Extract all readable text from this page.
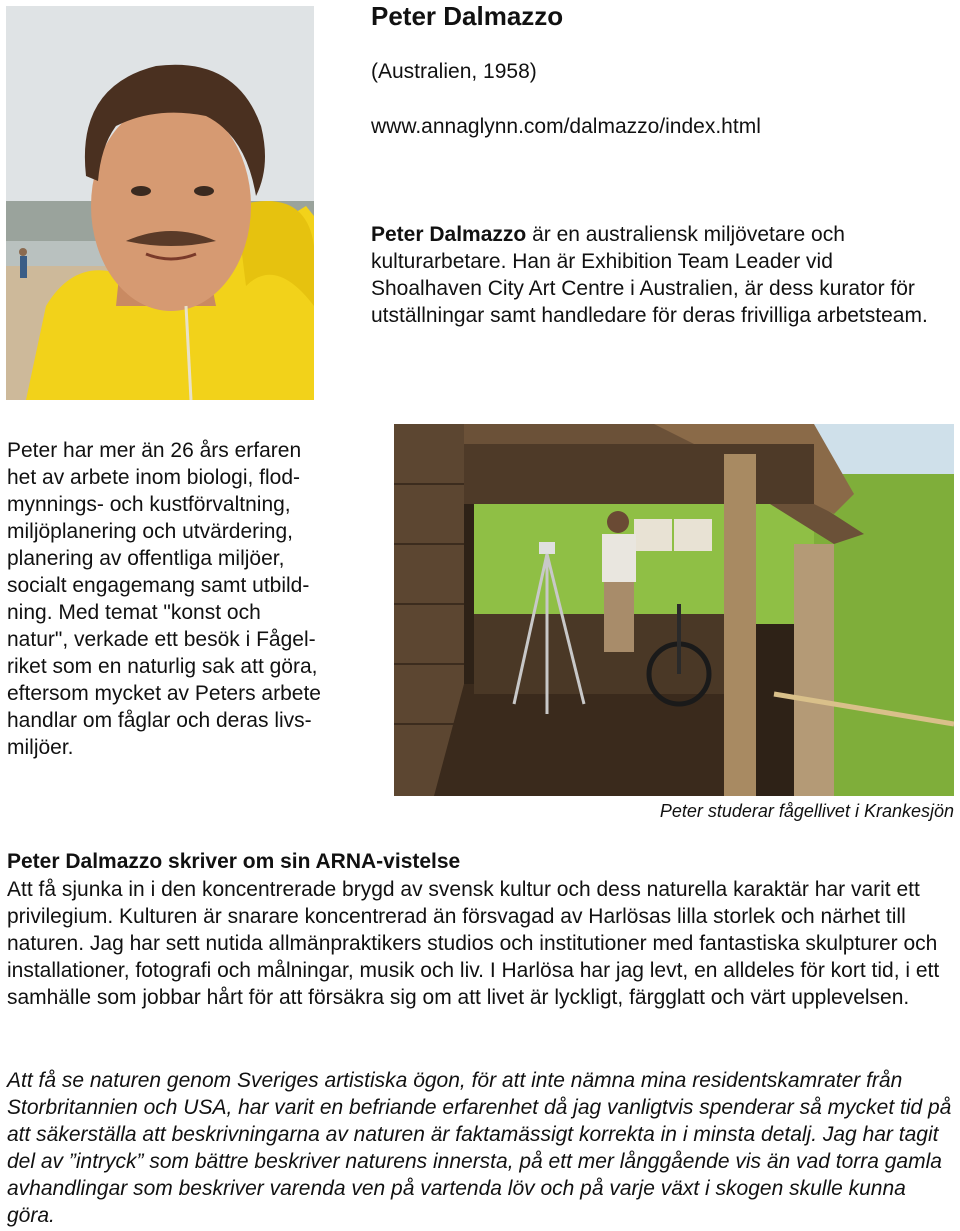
Peter Dalmazzo
(Australien, 1958)
www.annaglynn.com/dalmazzo/index.html
Peter Dalmazzo är en australiensk miljövetare och kulturarbetare. Han är Exhibition Team Leader vid Shoalhaven City Art Centre i Australien, är dess kurator för utställningar samt handledare för deras frivilliga arbetsteam.
Peter har mer än 26 års erfaren
het av arbete inom biologi, flod-
mynnings- och kustförvaltning,
miljöplanering och utvärdering,
planering av offentliga miljöer,
socialt engagemang samt utbild-
ning. Med temat "konst och
natur", verkade ett besök i Fågel-
riket som en naturlig sak att göra,
eftersom mycket av Peters arbete
handlar om fåglar och deras livs-
miljöer.
Peter studerar fågellivet i Krankesjön
Peter Dalmazzo skriver om sin ARNA-vistelse
Att få sjunka in i den koncentrerade brygd av svensk kultur och dess naturella karaktär har varit ett privilegium. Kulturen är snarare koncentrerad än försvagad av Harlösas lilla storlek och närhet till naturen. Jag har sett nutida allmänpraktikers studios och institutioner med fantastiska skulpturer och installationer, fotografi och målningar, musik och liv. I Harlösa har jag levt, en alldeles för kort tid, i ett samhälle som jobbar hårt för att försäkra sig om att livet är lyckligt, färgglatt och värt upplevelsen.
Att få se naturen genom Sveriges artistiska ögon, för att inte nämna mina residentskamrater från Storbritannien och USA, har varit en befriande erfarenhet då jag vanligtvis spenderar så mycket tid på att säkerställa att beskrivningarna av naturen är faktamässigt korrekta in i minsta detalj. Jag har tagit del av ”intryck” som bättre beskriver naturens innersta, på ett mer långgående vis än vad torra gamla avhandlingar som beskriver varenda ven på vartenda löv och på varje växt i skogen skulle kunna göra.
